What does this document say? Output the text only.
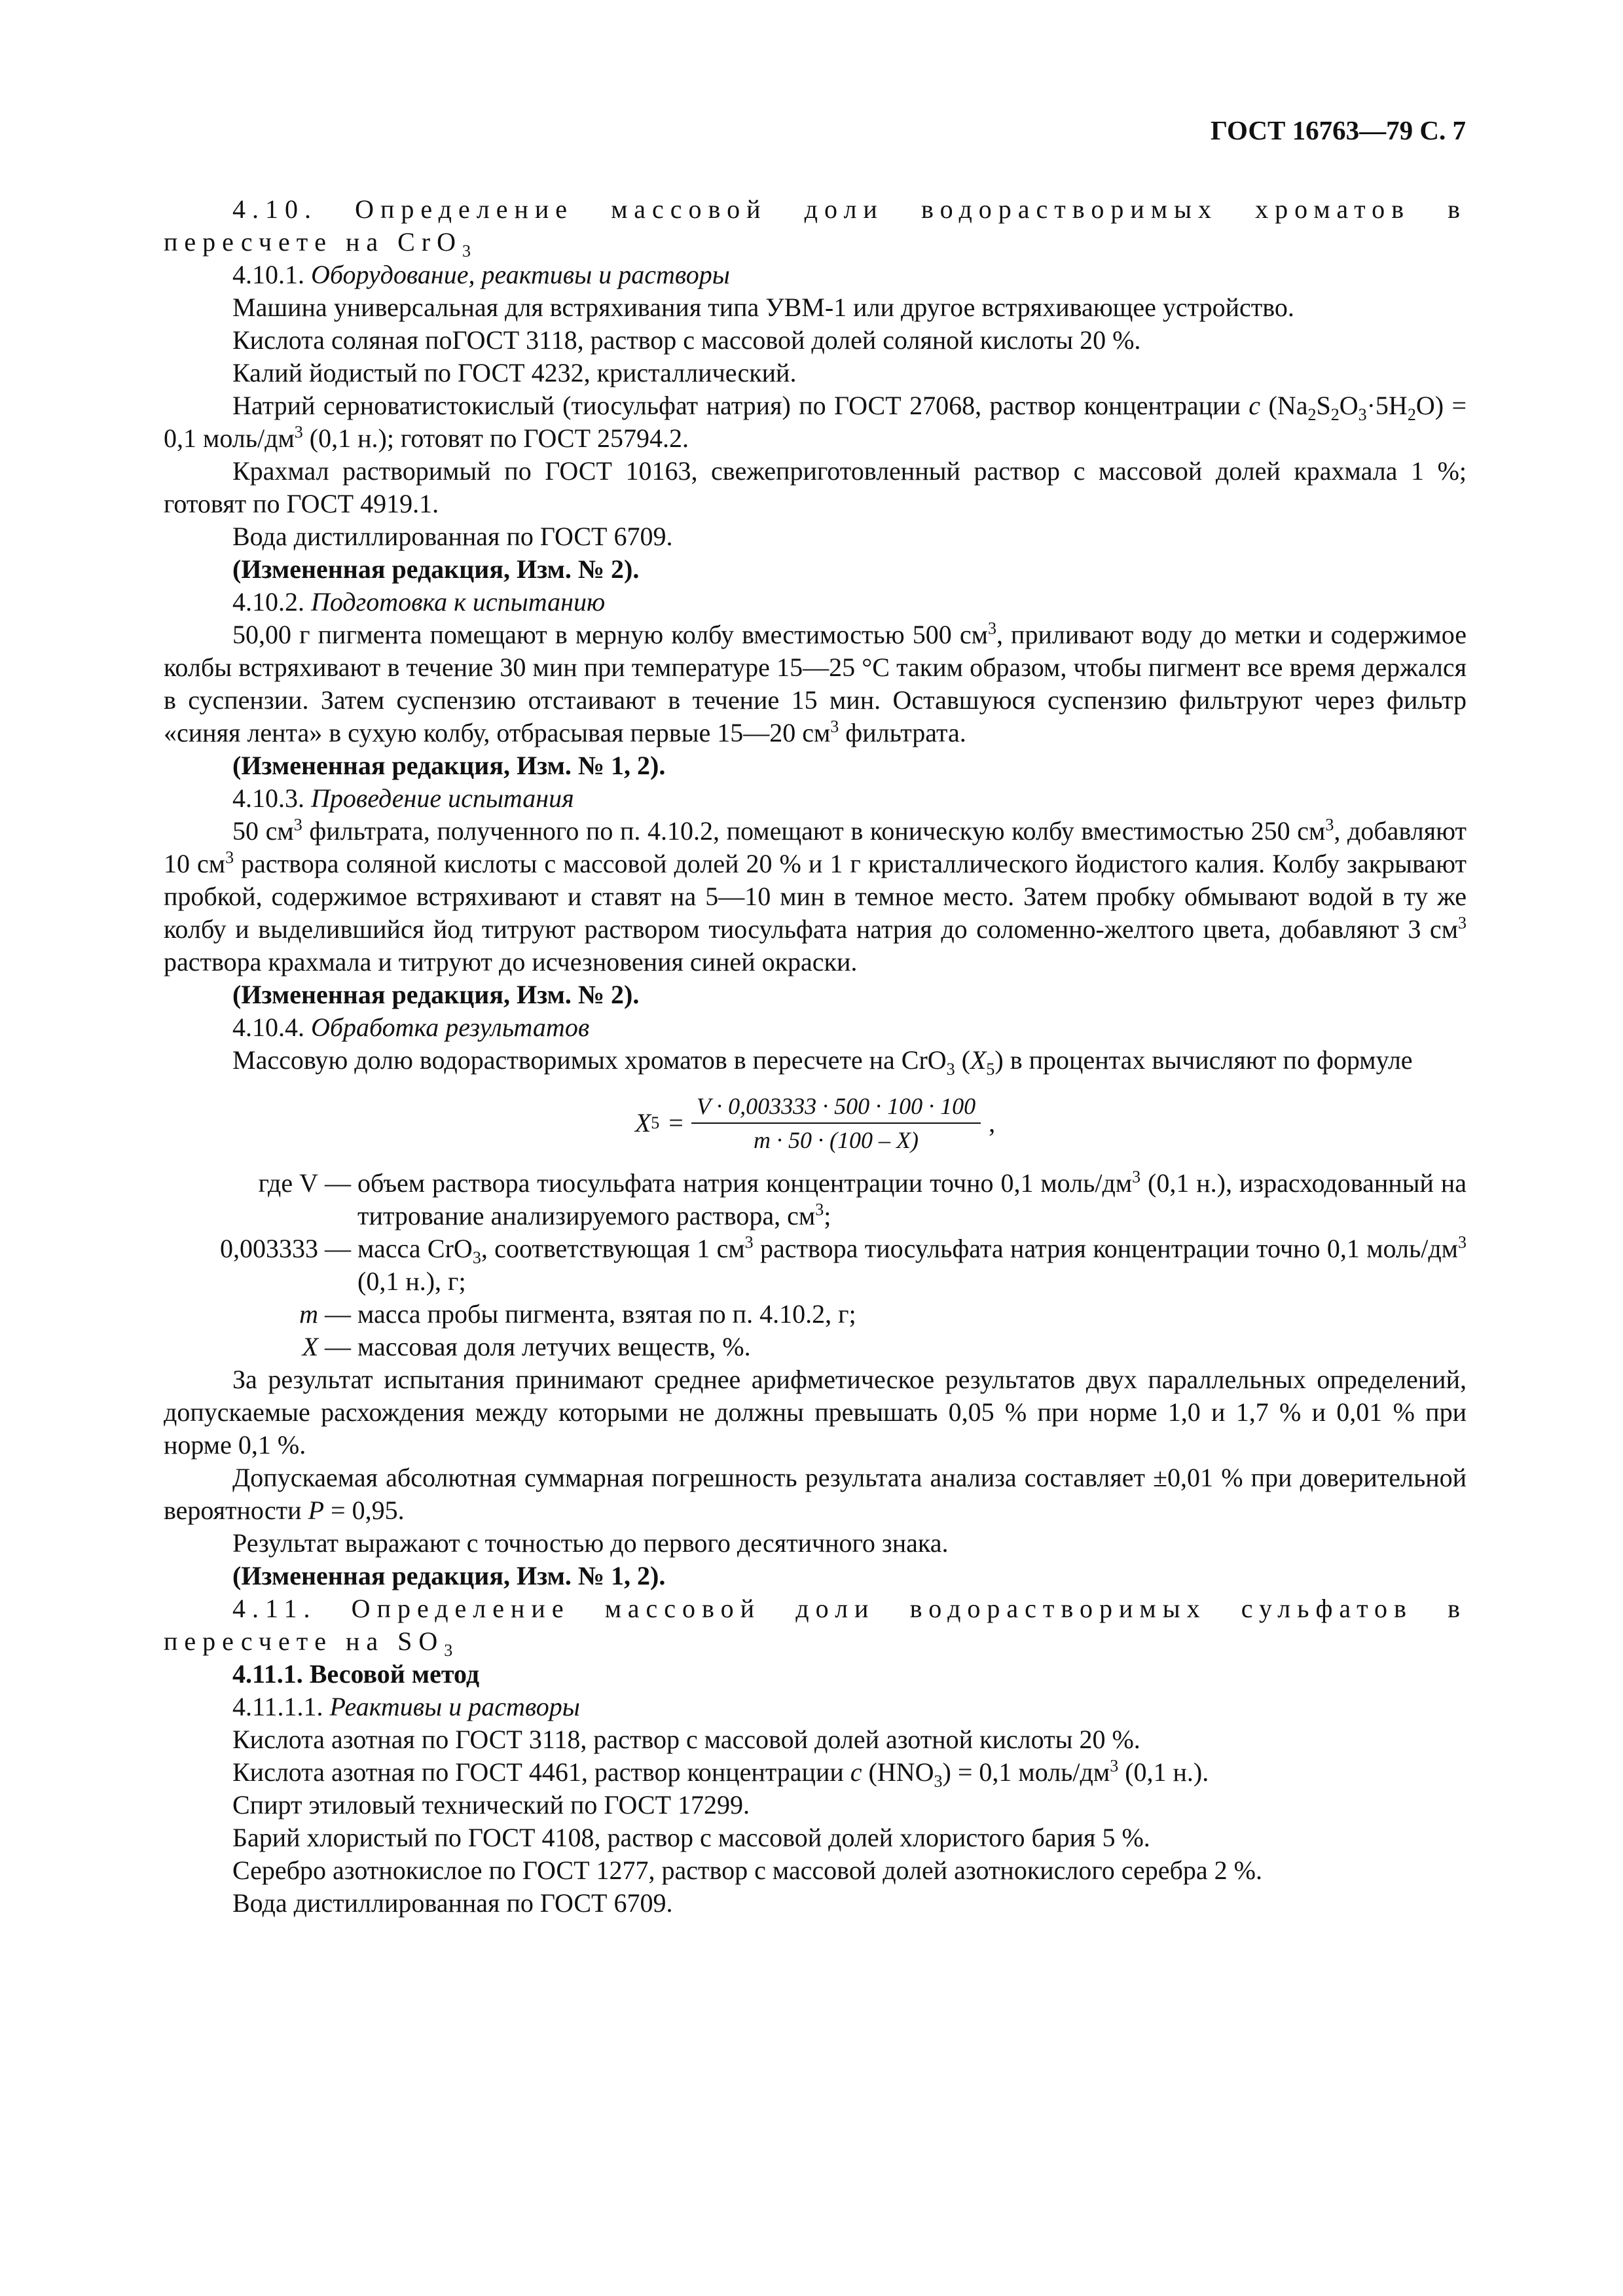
ГОСТ 16763—79 С. 7

4.10. Определение массовой доли водорастворимых хроматов в пересчете на СrО$_3$

4.10.1. Оборудование, реактивы и растворы

Машина универсальная для встряхивания типа УВМ-1 или другое встряхивающее устройство.

Кислота соляная поГОСТ 3118, раствор с массовой долей соляной кислоты 20 %.

Калий йодистый по ГОСТ 4232, кристаллический.

Натрий серноватистокислый (тиосульфат натрия) по ГОСТ 27068, раствор концентрации с $(Na_2S_2O_3\cdot 5H_2O) = 0,1$ моль/$дм^3$ (0,1 н.); готовят по ГОСТ 25794.2.

Крахмал растворимый по ГОСТ 10163, свежеприготовленный раствор с массовой долей крахмала 1 %; готовят по ГОСТ 4919.1.

Вода дистиллированная по ГОСТ 6709.

(Измененная редакция, Изм. № 2).

4.10.2. Подготовка к испытанию

50,00 г пигмента помещают в мерную колбу вместимостью 500 $см^3$, приливают воду до метки и содержимое колбы встряхивают в течение 30 мин при температуре 15—25 °С таким образом, чтобы пигмент все время держался в суспензии. Затем суспензию отстаивают в течение 15 мин. Оставшуюся суспензию фильтруют через фильтр «синяя лента» в сухую колбу, отбрасывая первые 15—20 $см^3$ фильтрата.

(Измененная редакция, Изм. № 1, 2).

4.10.3. Проведение испытания

50 $см^3$ фильтрата, полученного по п. 4.10.2, помещают в коническую колбу вместимостью 250 $см^3$, добавляют 10 $см^3$ раствора соляной кислоты с массовой долей 20 % и 1 г кристаллического йодистого калия. Колбу закрывают пробкой, содержимое встряхивают и ставят на 5—10 мин в темное место. Затем пробку обмывают водой в ту же колбу и выделившийся йод титруют раствором тиосульфата натрия до соломенно-желтого цвета, добавляют 3 $см^3$ раствора крахмала и титруют до исчезновения синей окраски.

(Измененная редакция, Изм. № 2).

4.10.4. Обработка результатов

Массовую долю водорастворимых хроматов в пересчете на СrО$_3$ $(X_5)$ в процентах вычисляют по формуле

X $5 = \frac{V \cdot 0,003333 \cdot 500 \cdot 100 \cdot 100}{m \cdot 50 \cdot (100 - X)}$ ,
где V — объем раствора тиосульфата натрия концентрации точно 0,1 моль/$дм^3$ (0,1 н.), израсходованный на титрование анализируемого раствора, $см^3$;
0,003333 — масса СrО$_3$, соответствующая 1 $см^3$ раствора тиосульфата натрия концентрации точно 0,1 моль/$дм^3$ (0,1 н.), г;
m — масса пробы пигмента, взятая по п. 4.10.2, г;
X — массовая доля летучих веществ, %.

За результат испытания принимают среднее арифметическое результатов двух параллельных определений, допускаемые расхождения между которыми не должны превышать 0,05 % при норме 1,0 и 1,7 % и 0,01 % при норме 0,1 %.

Допускаемая абсолютная суммарная погрешность результата анализа составляет ±0,01 % при доверительной вероятности P = 0,95.

Результат выражают с точностью до первого десятичного знака.

(Измененная редакция, Изм. № 1, 2).

4.11. Определение массовой доли водорастворимых сульфатов в пересчете на $SO_3$

4.11.1. Весовой метод

4.11.1.1. Реактивы и растворы

Кислота азотная по ГОСТ 3118, раствор с массовой долей азотной кислоты 20 %.

Кислота азотная по ГОСТ 4461, раствор концентрации с $(HNO_3) = 0,1$ моль/$дм^3$ (0,1 н.).

Спирт этиловый технический по ГОСТ 17299.

Барий хлористый по ГОСТ 4108, раствор с массовой долей хлористого бария 5 %.

Серебро азотнокислое по ГОСТ 1277, раствор с массовой долей азотнокислого серебра 2 %.

Вода дистиллированная по ГОСТ 6709.
